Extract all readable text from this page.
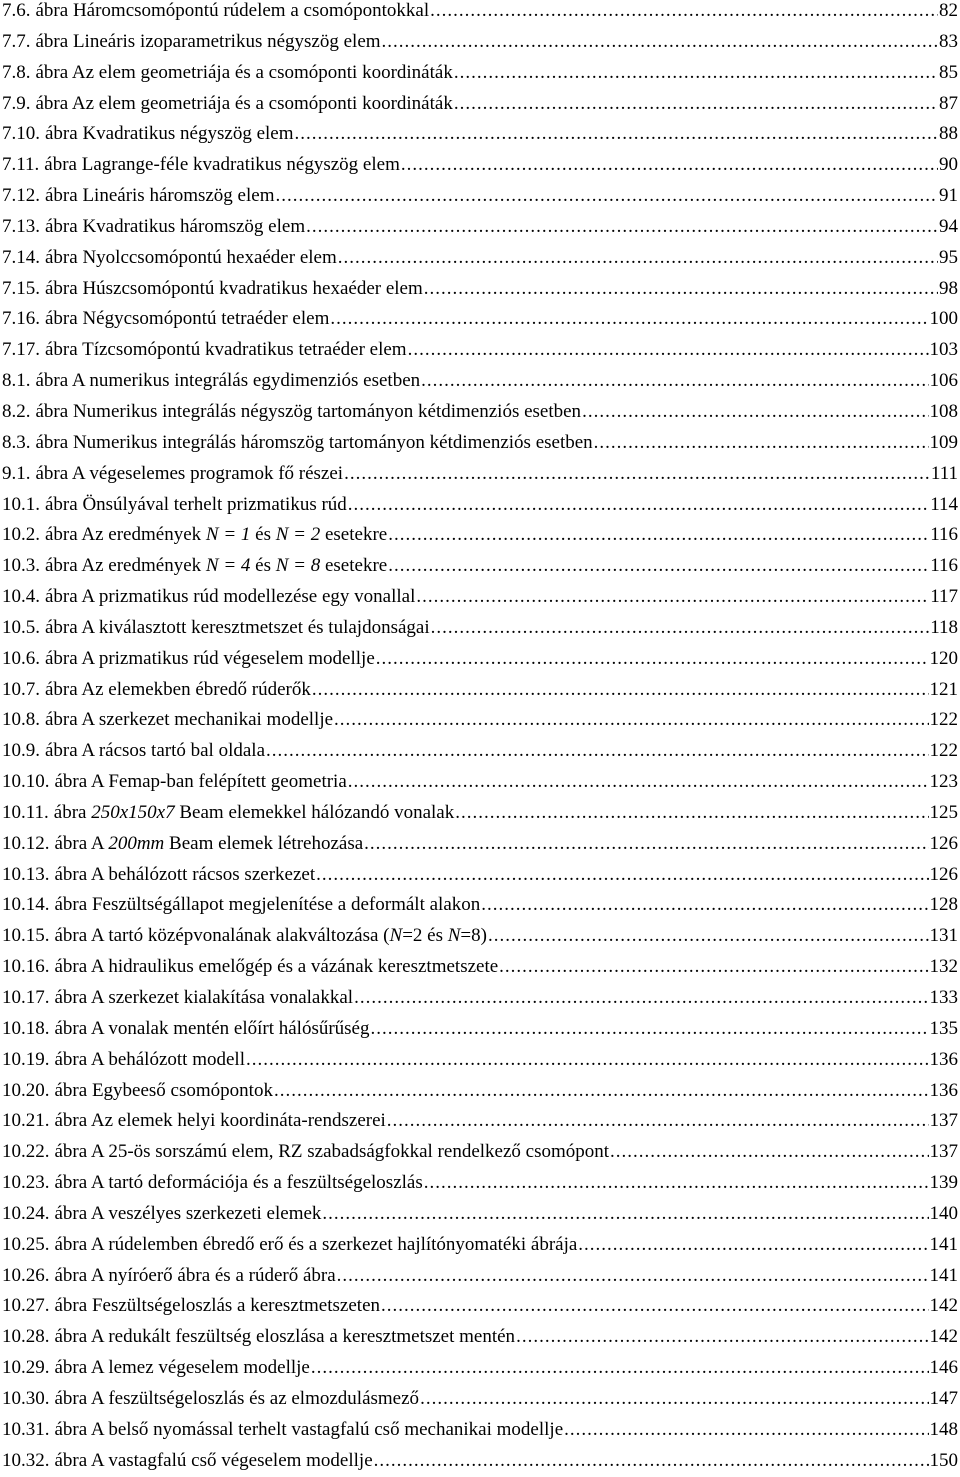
7.6. ábra Háromcsomópontú rúdelem a csomópontokkal .....	82
7.7. ábra Lineáris izoparametrikus négyszög elem .....	83
7.8. ábra Az elem geometriája és a csomóponti koordináták .....	85
7.9. ábra Az elem geometriája és a csomóponti koordináták .....	87
7.10. ábra Kvadratikus négyszög elem .....	88
7.11. ábra Lagrange-féle kvadratikus négyszög elem .....	90
7.12. ábra Lineáris háromszög elem .....	91
7.13. ábra Kvadratikus háromszög elem .....	94
7.14. ábra Nyolccsomópontú hexaéder elem .....	95
7.15. ábra Húszcsomópontú kvadratikus hexaéder elem .....	98
7.16. ábra Négycsomópontú tetraéder elem .....	100
7.17. ábra Tízcsomópontú kvadratikus tetraéder elem .....	103
8.1. ábra A numerikus integrálás egydimenziós esetben .....	106
8.2. ábra Numerikus integrálás négyszög tartományon kétdimenziós esetben .....	108
8.3. ábra Numerikus integrálás háromszög tartományon kétdimenziós esetben .....	109
9.1. ábra A végeselemes programok fő részei .....	111
10.1. ábra Önsúlyával terhelt prizmatikus rúd .....	114
10.2. ábra Az eredmények N = 1 és N = 2 esetekre .....	116
10.3. ábra Az eredmények N = 4 és N = 8 esetekre .....	116
10.4. ábra A prizmatikus rúd modellezése egy vonallal .....	117
10.5. ábra A kiválasztott keresztmetszet és tulajdonságai .....	118
10.6. ábra A prizmatikus rúd végeselem modellje .....	120
10.7. ábra Az elemekben ébredő rúderők .....	121
10.8. ábra A szerkezet mechanikai modellje .....	122
10.9. ábra A rácsos tartó bal oldala .....	122
10.10. ábra A Femap-ban felépített geometria .....	123
10.11. ábra 250x150x7 Beam elemekkel hálózandó vonalak .....	125
10.12. ábra A 200mm Beam elemek létrehozása .....	126
10.13. ábra A behálózott rácsos szerkezet .....	126
10.14. ábra Feszültségállapot megjelenítése a deformált alakon .....	128
10.15. ábra A tartó középvonalának alakváltozása (N=2 és N=8) .....	131
10.16. ábra A hidraulikus emelőgép és a vázának keresztmetszete .....	132
10.17. ábra A szerkezet kialakítása vonalakkal .....	133
10.18. ábra A vonalak mentén előírt hálósűrűség .....	135
10.19. ábra A behálózott modell .....	136
10.20. ábra Egybeeső csomópontok .....	136
10.21. ábra Az elemek helyi koordináta-rendszerei .....	137
10.22. ábra A 25-ös sorszámú elem, RZ szabadságfokkal rendelkező csomópont .....	137
10.23. ábra A tartó deformációja és a feszültségeloszlás .....	139
10.24. ábra A veszélyes szerkezeti elemek .....	140
10.25. ábra A rúdelemben ébredő erő és a szerkezet hajlítónyomatéki ábrája .....	141
10.26. ábra A nyíróerő ábra és a rúderő ábra .....	141
10.27. ábra Feszültségeloszlás a keresztmetszeten .....	142
10.28. ábra A redukált feszültség eloszlása a keresztmetszet mentén .....	142
10.29. ábra A lemez végeselem modellje .....	146
10.30. ábra A feszültségeloszlás és az elmozdulásmező .....	147
10.31. ábra A belső nyomással terhelt vastagfalú cső mechanikai modellje .....	148
10.32. ábra A vastagfalú cső végeselem modellje .....	150
